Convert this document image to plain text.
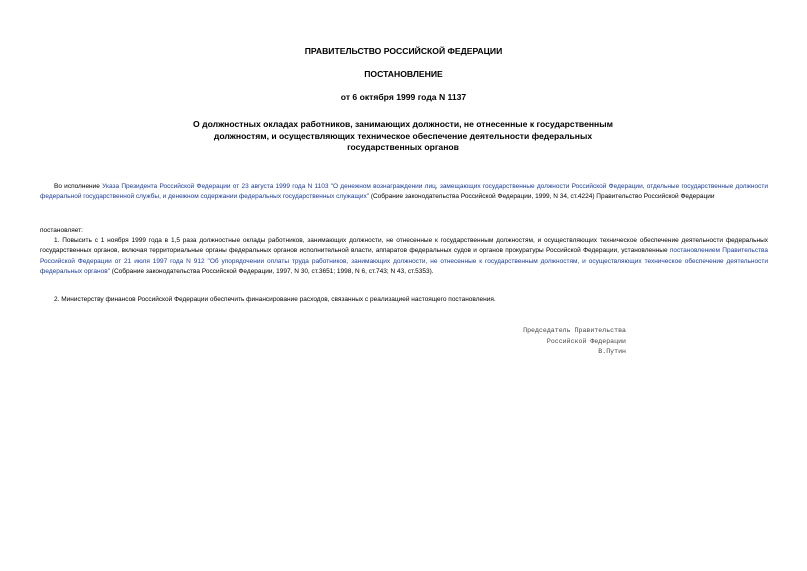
ПРАВИТЕЛЬСТВО РОССИЙСКОЙ ФЕДЕРАЦИИ
ПОСТАНОВЛЕНИЕ
от 6 октября 1999 года N 1137
О должностных окладах работников, занимающих должности, не отнесенные к государственным должностям, и осуществляющих техническое обеспечение деятельности федеральных государственных органов

Во исполнение Указа Президента Российской Федерации от 23 августа 1999 года N 1103 "О денежном вознаграждении лиц, замещающих государственные должности Российской Федерации, отдельные государственные должности федеральной государственной службы, и денежном содержании федеральных государственных служащих" (Собрание законодательства Российской Федерации, 1999, N 34, ст.4224) Правительство Российской Федерации

постановляет:

1. Повысить с 1 ноября 1999 года в 1,5 раза должностные оклады работников, занимающих должности, не отнесенные к государственным должностям, и осуществляющих техническое обеспечение деятельности федеральных государственных органов, включая территориальные органы федеральных органов исполнительной власти, аппаратов федеральных судов и органов прокуратуры Российской Федерации, установленные постановлением Правительства Российской Федерации от 21 июля 1997 года N 912 "Об упорядочении оплаты труда работников, занимающих должности, не отнесенные к государственным должностям, и осуществляющих техническое обеспечение деятельности федеральных органов" (Собрание законодательства Российской Федерации, 1997, N 30, ст.3651; 1998, N 6, ст.743; N 43, ст.5353).

2. Министерству финансов Российской Федерации обеспечить финансирование расходов, связанных с реализацией настоящего постановления.

Председатель Правительства
Российской Федерации
В.Путин
